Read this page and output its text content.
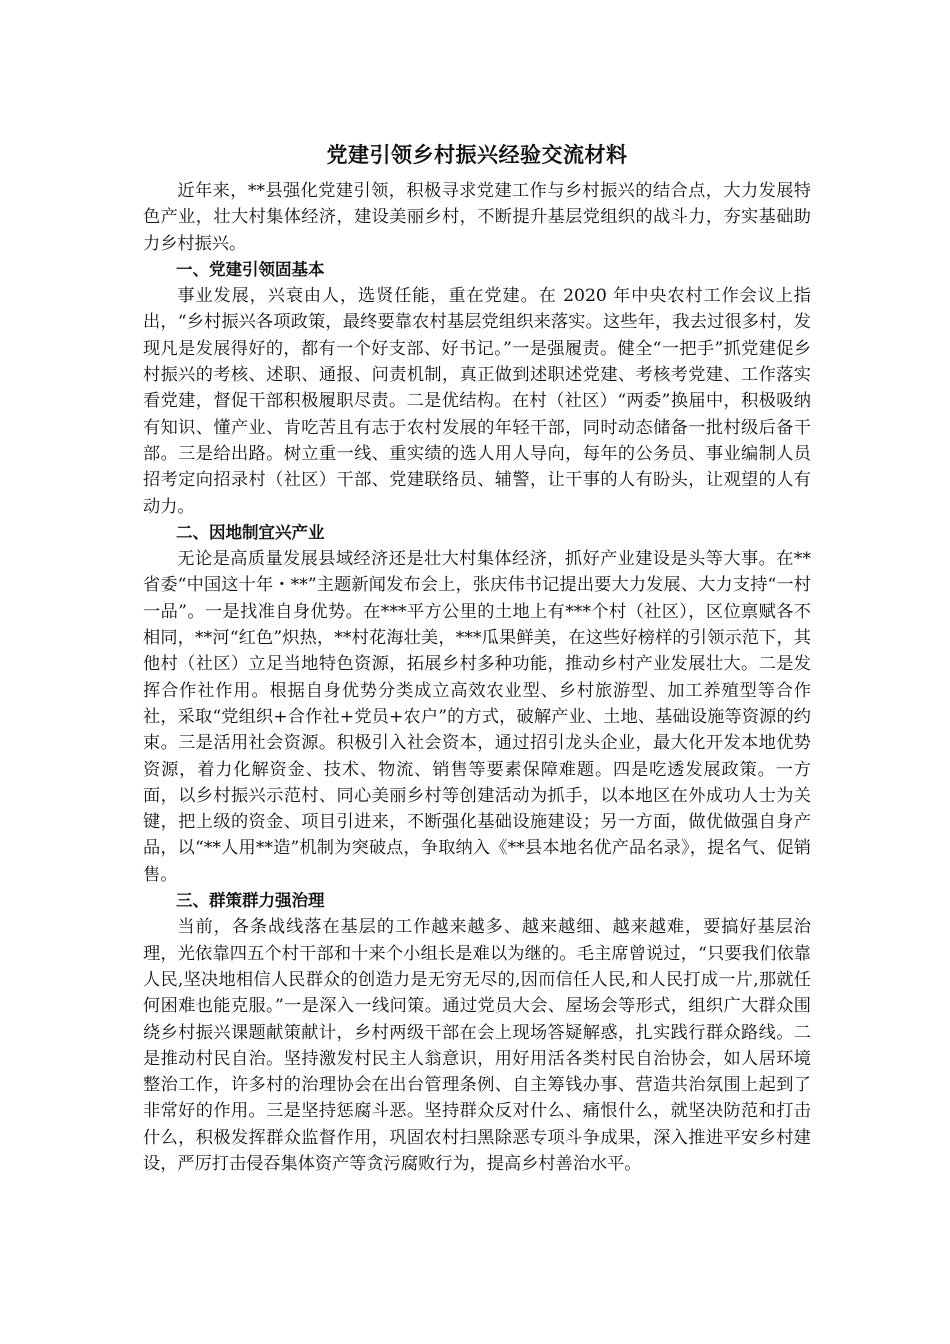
党建引领乡村振兴经验交流材料

近年来，**县强化党建引领，积极寻求党建工作与乡村振兴的结合点，大力发展特色产业，壮大村集体经济，建设美丽乡村，不断提升基层党组织的战斗力，夯实基础助力乡村振兴。

一、党建引领固基本

事业发展，兴衰由人，选贤任能，重在党建。在 2020 年中央农村工作会议上指出，“乡村振兴各项政策，最终要靠农村基层党组织来落实。这些年，我去过很多村，发现凡是发展得好的，都有一个好支部、好书记。”一是强履责。健全“一把手”抓党建促乡村振兴的考核、述职、通报、问责机制，真正做到述职述党建、考核考党建、工作落实看党建，督促干部积极履职尽责。二是优结构。在村（社区）“两委”换届中，积极吸纳有知识、懂产业、肯吃苦且有志于农村发展的年轻干部，同时动态储备一批村级后备干部。三是给出路。树立重一线、重实绩的选人用人导向，每年的公务员、事业编制人员招考定向招录村（社区）干部、党建联络员、辅警，让干事的人有盼头，让观望的人有动力。

二、因地制宜兴产业

无论是高质量发展县域经济还是壮大村集体经济，抓好产业建设是头等大事。在**省委“中国这十年・**”主题新闻发布会上，张庆伟书记提出要大力发展、大力支持“一村一品”。一是找准自身优势。在***平方公里的土地上有***个村（社区），区位禀赋各不相同，**河“红色”炽热，**村花海壮美，***瓜果鲜美，在这些好榜样的引领示范下，其他村（社区）立足当地特色资源，拓展乡村多种功能，推动乡村产业发展壮大。二是发挥合作社作用。根据自身优势分类成立高效农业型、乡村旅游型、加工养殖型等合作社，采取“党组织+合作社+党员+农户”的方式，破解产业、土地、基础设施等资源的约束。三是活用社会资源。积极引入社会资本，通过招引龙头企业，最大化开发本地优势资源，着力化解资金、技术、物流、销售等要素保障难题。四是吃透发展政策。一方面，以乡村振兴示范村、同心美丽乡村等创建活动为抓手，以本地区在外成功人士为关键，把上级的资金、项目引进来，不断强化基础设施建设；另一方面，做优做强自身产品，以“**人用**造”机制为突破点，争取纳入《**县本地名优产品名录》，提名气、促销售。

三、群策群力强治理

当前，各条战线落在基层的工作越来越多、越来越细、越来越难，要搞好基层治理，光依靠四五个村干部和十来个小组长是难以为继的。毛主席曾说过，“只要我们依靠人民,坚决地相信人民群众的创造力是无穷无尽的,因而信任人民,和人民打成一片,那就任何困难也能克服。”一是深入一线问策。通过党员大会、屋场会等形式，组织广大群众围绕乡村振兴课题献策献计，乡村两级干部在会上现场答疑解惑，扎实践行群众路线。二是推动村民自治。坚持激发村民主人翁意识，用好用活各类村民自治协会，如人居环境整治工作，许多村的治理协会在出台管理条例、自主筹钱办事、营造共治氛围上起到了非常好的作用。三是坚持惩腐斗恶。坚持群众反对什么、痛恨什么，就坚决防范和打击什么，积极发挥群众监督作用，巩固农村扫黑除恶专项斗争成果，深入推进平安乡村建设，严厉打击侵吞集体资产等贪污腐败行为，提高乡村善治水平。
